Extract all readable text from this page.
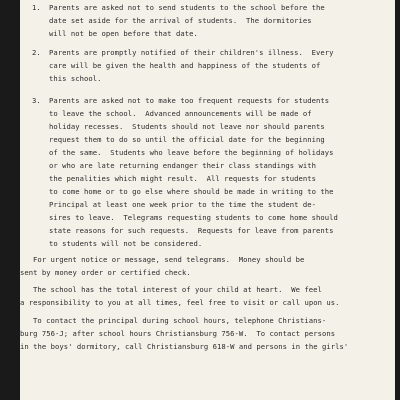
1. Parents are asked not to send students to the school before the
date set aside for the arrival of students.  The dormitories
will not be open before that date.
2. Parents are promptly notified of their children's illness.  Every
care will be given the health and happiness of the students of
this school.
3. Parents are asked not to make too frequent requests for students
to leave the school.  Advanced announcements will be made of
holiday recesses.  Students should not leave nor should parents
request them to do so until the official date for the beginning
of the same.  Students who leave before the beginning of holidays
or who are late returning endanger their class standings with
the penalities which might result.  All requests for students
to come home or to go else where should be made in writing to the
Principal at least one week prior to the time the student de-
sires to leave.  Telegrams requesting students to come home should
state reasons for such requests.  Requests for leave from parents
to students will not be considered.
For urgent notice or message, send telegrams.  Money should be
sent by money order or certified check.
The school has the total interest of your child at heart.  We feel
a responsibility to you at all times, feel free to visit or call upon us.
To contact the principal during school hours, telephone Christians-
burg 756-J; after school hours Christiansburg 756-W.  To contact persons
in the boys' dormitory, call Christiansburg 618-W and persons in the girls'
